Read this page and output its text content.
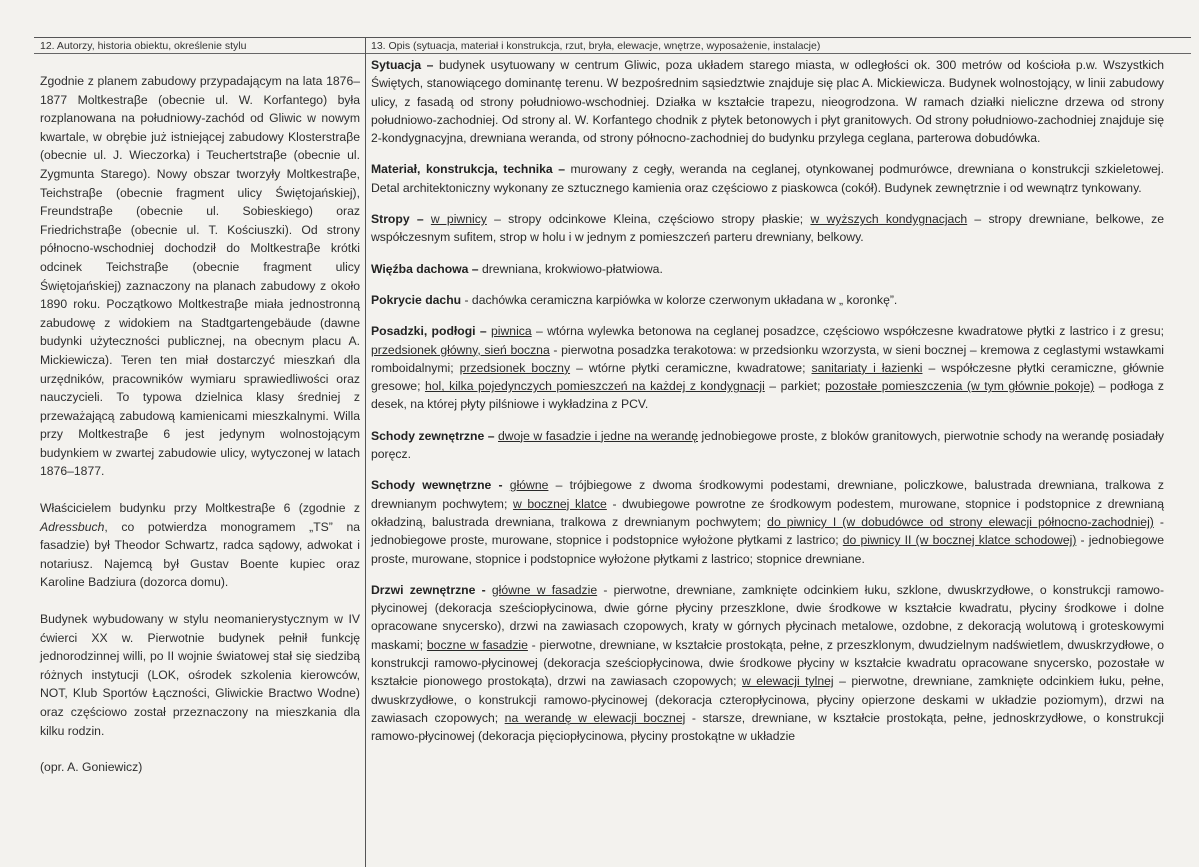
12. Autorzy, historia obiektu, określenie stylu	13. Opis (sytuacja, materiał i konstrukcja, rzut, bryła, elewacje, wnętrze, wyposażenie, instalacje)

Zgodnie z planem zabudowy przypadającym na lata 1876–1877 Moltkestraβe (obecnie ul. W. Korfantego) była rozplanowana na południowy-zachód od Gliwic w nowym kwartale, w obrębie już istniejącej zabudowy Klosterstraβe (obecnie ul. J. Wieczorka) i Teuchertstraβe (obecnie ul. Zygmunta Starego). Nowy obszar tworzyły Moltkestraβe, Teichstraβe (obecnie fragment ulicy Świętojańskiej), Freundstraβe (obecnie ul. Sobieskiego) oraz Friedrichstraβe (obecnie ul. T. Kościuszki). Od strony północno-wschodniej dochodził do Moltkestraβe krótki odcinek Teichstraβe (obecnie fragment ulicy Świętojańskiej) zaznaczony na planach zabudowy z około 1890 roku. Początkowo Moltkestraβe miała jednostronną zabudowę z widokiem na Stadtgartengebäude (dawne budynki użyteczności publicznej, na obecnym placu A. Mickiewicza). Teren ten miał dostarczyć mieszkań dla urzędników, pracowników wymiaru sprawiedliwości oraz nauczycieli. To typowa dzielnica klasy średniej z przeważającą zabudową kamienicami mieszkalnymi. Willa przy Moltkestraβe 6 jest jedynym wolnostojącym budynkiem w zwartej zabudowie ulicy, wytyczonej w latach 1876–1877.

Właścicielem budynku przy Moltkestraβe 6 (zgodnie z Adressbuch, co potwierdza monogramem „TS” na fasadzie) był Theodor Schwartz, radca sądowy, adwokat i notariusz. Najemcą był Gustav Boente kupiec oraz Karoline Badziura (dozorca domu).

Budynek wybudowany w stylu neomanierystycznym w IV ćwierci XX w. Pierwotnie budynek pełnił funkcję jednorodzinnej willi, po II wojnie światowej stał się siedzibą różnych instytucji (LOK, ośrodek szkolenia kierowców, NOT, Klub Sportów Łączności, Gliwickie Bractwo Wodne) oraz częściowo został przeznaczony na mieszkania dla kilku rodzin.

(opr. A. Goniewicz)

Sytuacja – budynek usytuowany w centrum Gliwic, poza układem starego miasta, w odległości ok. 300 metrów od kościoła p.w. Wszystkich Świętych, stanowiącego dominantę terenu. W bezpośrednim sąsiedztwie znajduje się plac A. Mickiewicza. Budynek wolnostojący, w linii zabudowy ulicy, z fasadą od strony południowo-wschodniej. Działka w kształcie trapezu, nieogrodzona. W ramach działki nieliczne drzewa od strony południowo-zachodniej. Od strony al. W. Korfantego chodnik z płytek betonowych i płyt granitowych. Od strony południowo-zachodniej znajduje się 2-kondygnacyjna, drewniana weranda, od strony północno-zachodniej do budynku przylega ceglana, parterowa dobudówka.

Materiał, konstrukcja, technika – murowany z cegły, weranda na ceglanej, otynkowanej podmurówce, drewniana o konstrukcji szkieletowej. Detal architektoniczny wykonany ze sztucznego kamienia oraz częściowo z piaskowca (cokół). Budynek zewnętrznie i od wewnątrz tynkowany.

Stropy – w piwnicy – stropy odcinkowe Kleina, częściowo stropy płaskie; w wyższych kondygnacjach – stropy drewniane, belkowe, ze współczesnym sufitem, strop w holu i w jednym z pomieszczeń parteru drewniany, belkowy.

Więźba dachowa – drewniana, krokwiowo-płatwiowa.

Pokrycie dachu - dachówka ceramiczna karpiówka w kolorze czerwonym układana w „ koronkę”.

Posadzki, podłogi – piwnica – wtórna wylewka betonowa na ceglanej posadzce, częściowo współczesne kwadratowe płytki z lastrico i z gresu; przedsionek główny, sień boczna - pierwotna posadzka terakotowa: w przedsionku wzorzysta, w sieni bocznej – kremowa z ceglastymi wstawkami romboidalnymi; przedsionek boczny – wtórne płytki ceramiczne, kwadratowe; sanitariaty i łazienki – współczesne płytki ceramiczne, głównie gresowe; hol, kilka pojedynczych pomieszczeń na każdej z kondygnacji – parkiet; pozostałe pomieszczenia (w tym głównie pokoje) – podłoga z desek, na której płyty pilśniowe i wykładzina z PCV.

Schody zewnętrzne – dwoje w fasadzie i jedne na werandę jednobiegowe proste, z bloków granitowych, pierwotnie schody na werandę posiadały poręcz.

Schody wewnętrzne - główne – trójbiegowe z dwoma środkowymi podestami, drewniane, policzkowe, balustrada drewniana, tralkowa z drewnianym pochwytem; w bocznej klatce - dwubiegowe powrotne ze środkowym podestem, murowane, stopnice i podstopnice z drewnianą okładziną, balustrada drewniana, tralkowa z drewnianym pochwytem; do piwnicy I (w dobudówce od strony elewacji północno-zachodniej) - jednobiegowe proste, murowane, stopnice i podstopnice wyłożone płytkami z lastrico; do piwnicy II (w bocznej klatce schodowej) - jednobiegowe proste, murowane, stopnice i podstopnice wyłożone płytkami z lastrico; stopnice drewniane.

Drzwi zewnętrzne - główne w fasadzie - pierwotne, drewniane, zamknięte odcinkiem łuku, szklone, dwuskrzydłowe, o konstrukcji ramowo-płycinowej (dekoracja sześciopłycinowa, dwie górne płyciny przeszklone, dwie środkowe w kształcie kwadratu, płyciny środkowe i dolne opracowane snycersko), drzwi na zawiasach czopowych, kraty w górnych płycinach metalowe, ozdobne, z dekoracją wolutową i groteskowymi maskami; boczne w fasadzie - pierwotne, drewniane, w kształcie prostokąta, pełne, z przeszklonym, dwudzielnym nadświetlem, dwuskrzydłowe, o konstrukcji ramowo-płycinowej (dekoracja sześciopłycinowa, dwie środkowe płyciny w kształcie kwadratu opracowane snycersko, pozostałe w kształcie pionowego prostokąta), drzwi na zawiasach czopowych; w elewacji tylnej – pierwotne, drewniane, zamknięte odcinkiem łuku, pełne, dwuskrzydłowe, o konstrukcji ramowo-płycinowej (dekoracja czteropłycinowa, płyciny opierzone deskami w układzie poziomym), drzwi na zawiasach czopowych; na werandę w elewacji bocznej - starsze, drewniane, w kształcie prostokąta, pełne, jednoskrzydłowe, o konstrukcji ramowo-płycinowej (dekoracja pięciopłycinowa, płyciny prostokątne w układzie
